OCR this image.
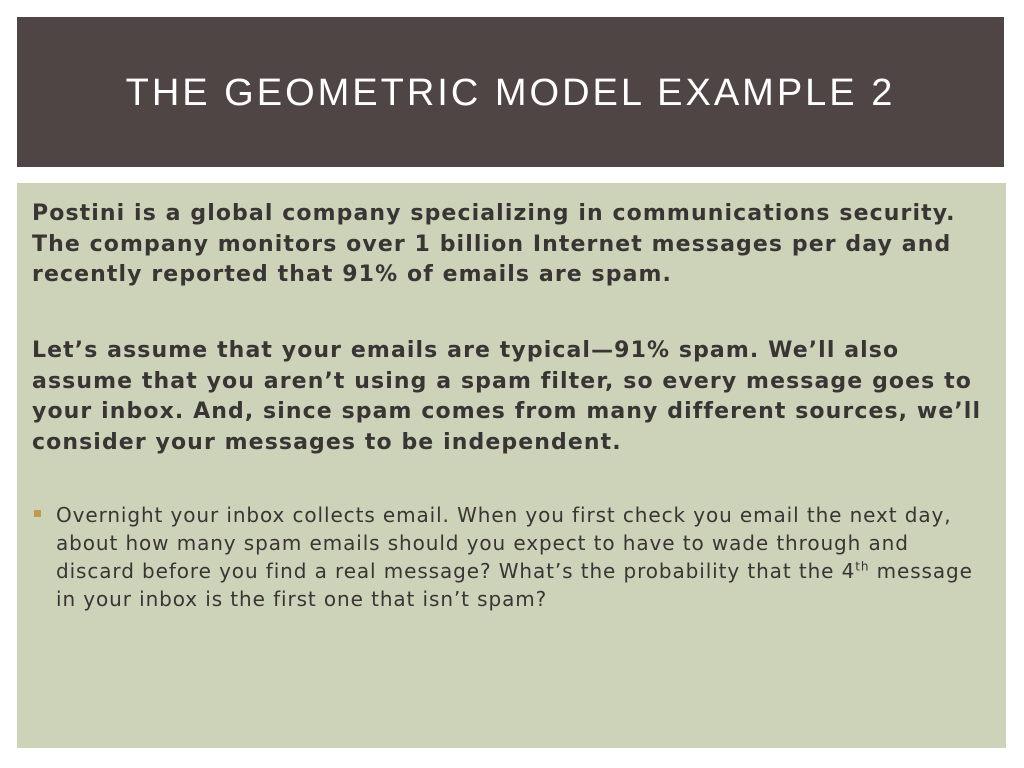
THE GEOMETRIC MODEL EXAMPLE 2

Postini is a global company specializing in communications security. The company monitors over 1 billion Internet messages per day and recently reported that 91% of emails are spam.

Let’s assume that your emails are typical—91% spam. We’ll also assume that you aren’t using a spam filter, so every message goes to your inbox. And, since spam comes from many different sources, we’ll consider your messages to be independent.

Overnight your inbox collects email. When you first check you email the next day, about how many spam emails should you expect to have to wade through and discard before you find a real message? What’s the probability that the 4th message in your inbox is the first one that isn’t spam?
